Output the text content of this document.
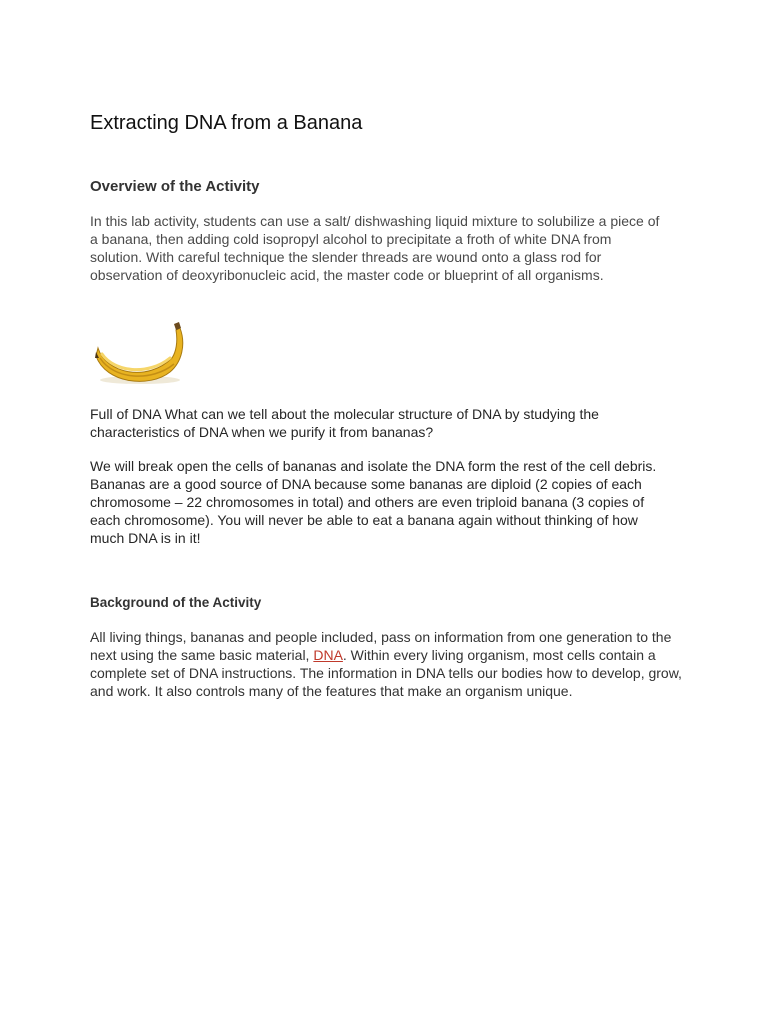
Extracting DNA from a Banana
Overview of the Activity

In this lab activity, students can use a salt/ dishwashing liquid mixture to solubilize a piece of a banana, then adding cold isopropyl alcohol to precipitate a froth of white DNA from solution. With careful technique the slender threads are wound onto a glass rod for observation of deoxyribonucleic acid, the master code or blueprint of all organisms.

Full of DNA What can we tell about the molecular structure of DNA by studying the characteristics of DNA when we purify it from bananas?

We will break open the cells of bananas and isolate the DNA form the rest of the cell debris. Bananas are a good source of DNA because some bananas are diploid (2 copies of each chromosome – 22 chromosomes in total) and others are even triploid banana (3 copies of each chromosome). You will never be able to eat a banana again without thinking of how much DNA is in it!

Background of the Activity

All living things, bananas and people included, pass on information from one generation to the next using the same basic material, DNA. Within every living organism, most cells contain a complete set of DNA instructions. The information in DNA tells our bodies how to develop, grow, and work. It also controls many of the features that make an organism unique.
